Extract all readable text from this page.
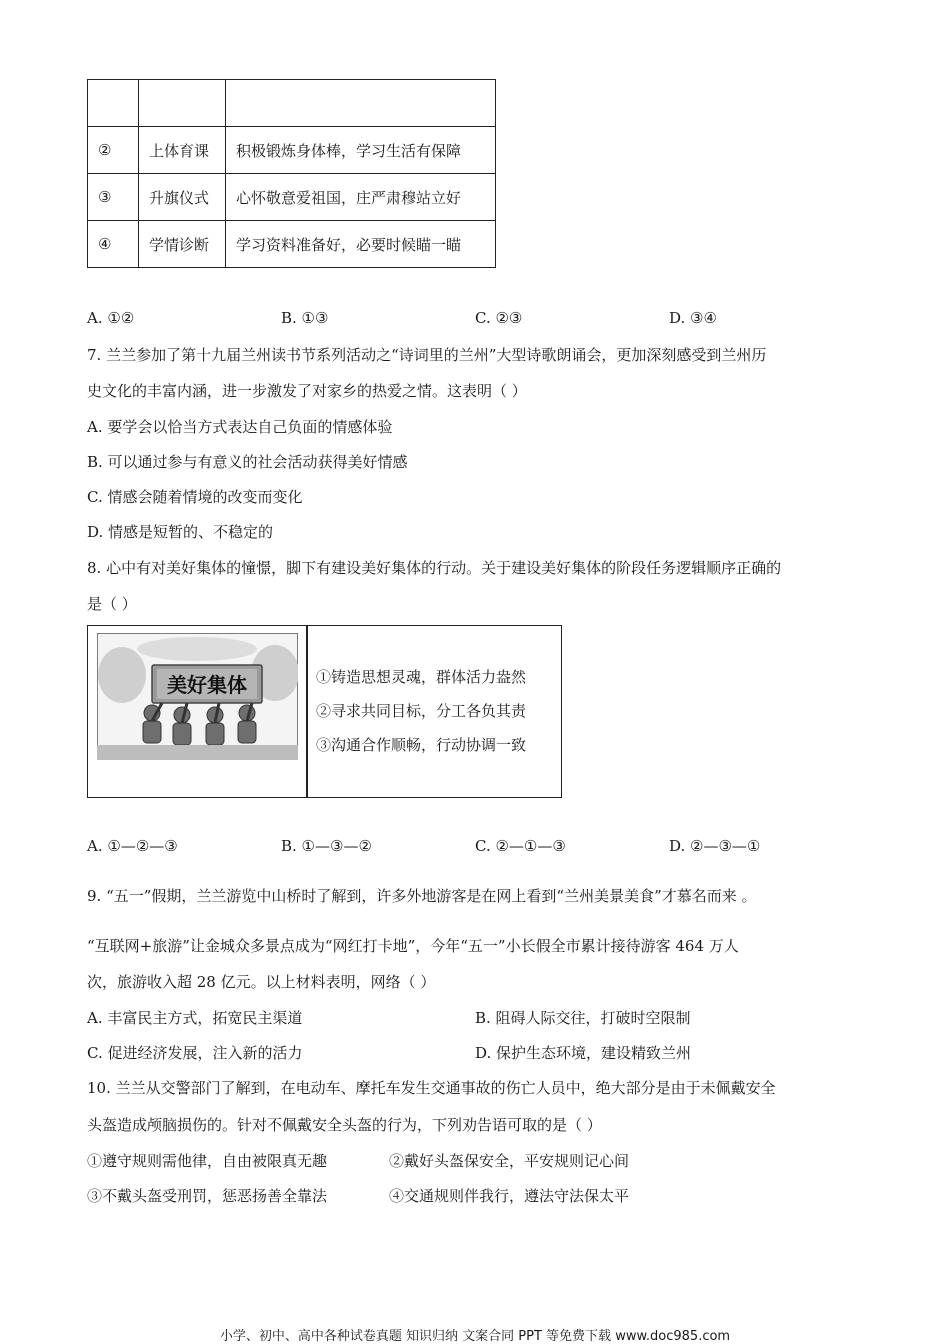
②	上体育课	积极锻炼身体棒，学习生活有保障
③	升旗仪式	心怀敬意爱祖国，庄严肃穆站立好
④	学情诊断	学习资料准备好，必要时候瞄一瞄
A. ①②	B. ①③	C. ②③	D. ③④
7. 兰兰参加了第十九届兰州读书节系列活动之“诗词里的兰州”大型诗歌朗诵会，更加深刻感受到兰州历
史文化的丰富内涵，进一步激发了对家乡的热爱之情。这表明（ ）
A. 要学会以恰当方式表达自己负面的情感体验
B. 可以通过参与有意义的社会活动获得美好情感
C. 情感会随着情境的改变而变化
D. 情感是短暂的、不稳定的
8. 心中有对美好集体的憧憬，脚下有建设美好集体的行动。关于建设美好集体的阶段任务逻辑顺序正确的
是（ ）
美好集体	①铸造思想灵魂，群体活力盎然
②寻求共同目标，分工各负其责
③沟通合作顺畅，行动协调一致
A. ①—②—③	B. ①—③—②	C. ②—①—③	D. ②—③—①
9. “五一”假期，兰兰游览中山桥时了解到，许多外地游客是在网上看到“兰州美景美食”才慕名而来 。
“互联网+旅游”让金城众多景点成为“网红打卡地”，今年“五一”小长假全市累计接待游客 464 万人
次，旅游收入超 28 亿元。以上材料表明，网络（ ）
A. 丰富民主方式，拓宽民主渠道	B. 阻碍人际交往，打破时空限制
C. 促进经济发展，注入新的活力	D. 保护生态环境，建设精致兰州
10. 兰兰从交警部门了解到，在电动车、摩托车发生交通事故的伤亡人员中，绝大部分是由于未佩戴安全
头盔造成颅脑损伤的。针对不佩戴安全头盔的行为，下列劝告语可取的是（ ）
①遵守规则需他律，自由被限真无趣	②戴好头盔保安全，平安规则记心间
③不戴头盔受刑罚，惩恶扬善全靠法	④交通规则伴我行，遵法守法保太平
小学、初中、高中各种试卷真题 知识归纳 文案合同 PPT 等免费下载 www.doc985.com
